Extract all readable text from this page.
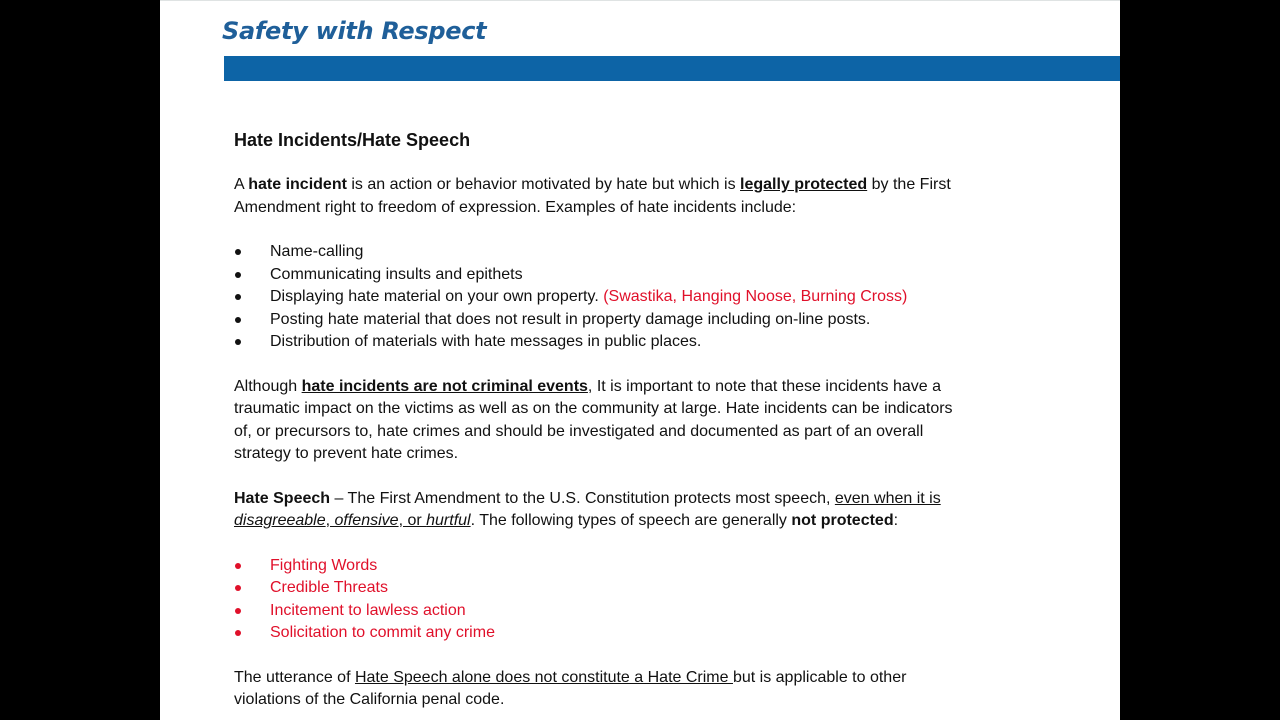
Safety with Respect
Hate Incidents/Hate Speech

A hate incident is an action or behavior motivated by hate but which is legally protected by the First
Amendment right to freedom of expression. Examples of hate incidents include:

Name-calling
Communicating insults and epithets
Displaying hate material on your own property. (Swastika, Hanging Noose, Burning Cross)
Posting hate material that does not result in property damage including on-line posts.
Distribution of materials with hate messages in public places.

Although hate incidents are not criminal events, It is important to note that these incidents have a
traumatic impact on the victims as well as on the community at large. Hate incidents can be indicators
of, or precursors to, hate crimes and should be investigated and documented as part of an overall
strategy to prevent hate crimes.

Hate Speech – The First Amendment to the U.S. Constitution protects most speech, even when it is
disagreeable, offensive, or hurtful. The following types of speech are generally not protected:

Fighting Words
Credible Threats
Incitement to lawless action
Solicitation to commit any crime

The utterance of Hate Speech alone does not constitute a Hate Crime but is applicable to other
violations of the California penal code.
